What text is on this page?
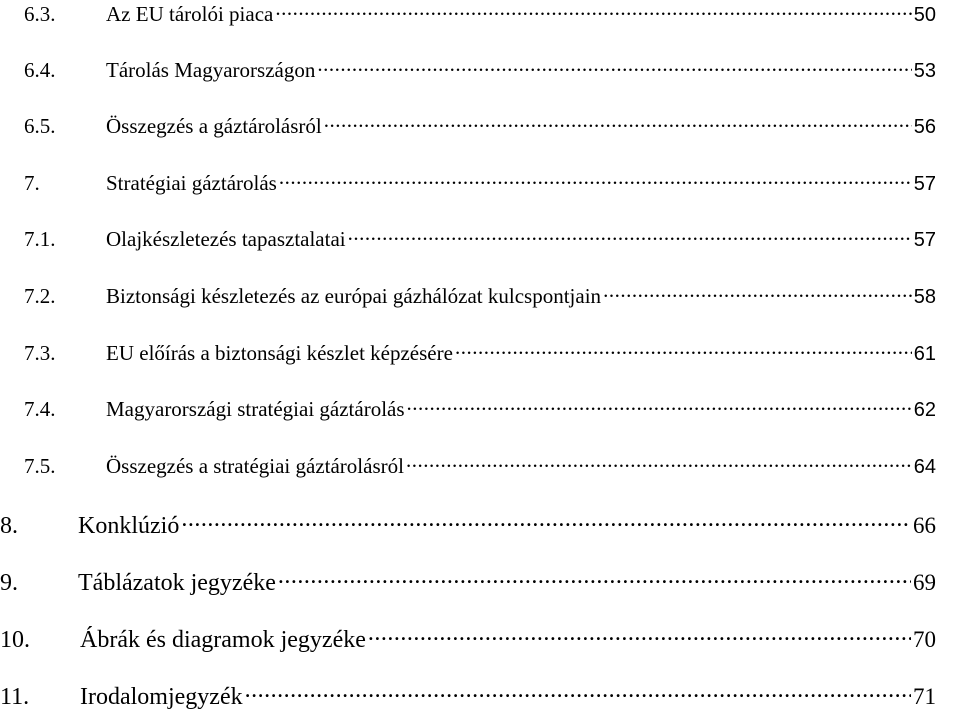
6.3.	Az EU tárolói piaca .....	50
6.4.	Tárolás Magyarországon .....	53
6.5.	Összegzés a gáztárolásról .....	56
7.	Stratégiai gáztárolás .....	57
7.1.	Olajkészletezés tapasztalatai .....	57
7.2.	Biztonsági készletezés az európai gázhálózat kulcspontjain .....	58
7.3.	EU előírás a biztonsági készlet képzésére .....	61
7.4.	Magyarországi stratégiai gáztárolás .....	62
7.5.	Összegzés a stratégiai gáztárolásról .....	64
8.	Konklúzió .....	66
9.	Táblázatok jegyzéke .....	69
10.	Ábrák és diagramok jegyzéke .....	70
11.	Irodalomjegyzék .....	71
